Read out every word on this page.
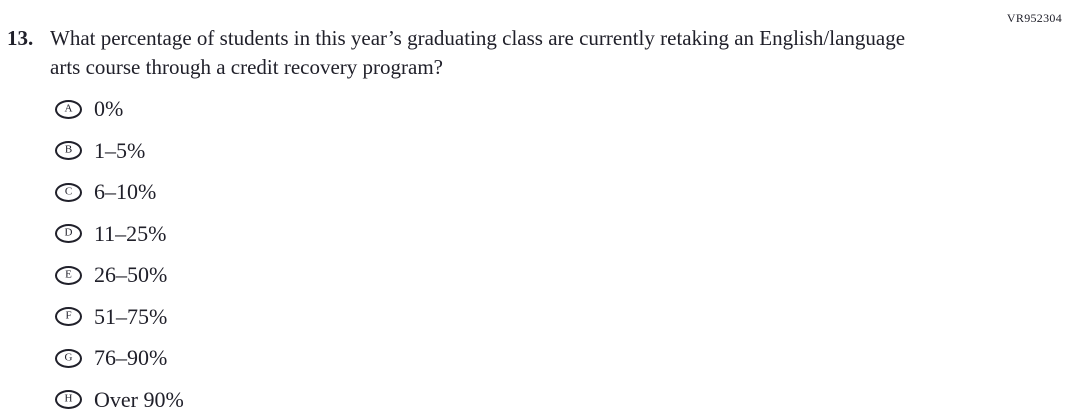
VR952304
13. What percentage of students in this year’s graduating class are currently retaking an English/language arts course through a credit recovery program?
A 0%
B 1–5%
C 6–10%
D 11–25%
E 26–50%
F 51–75%
G 76–90%
H Over 90%
